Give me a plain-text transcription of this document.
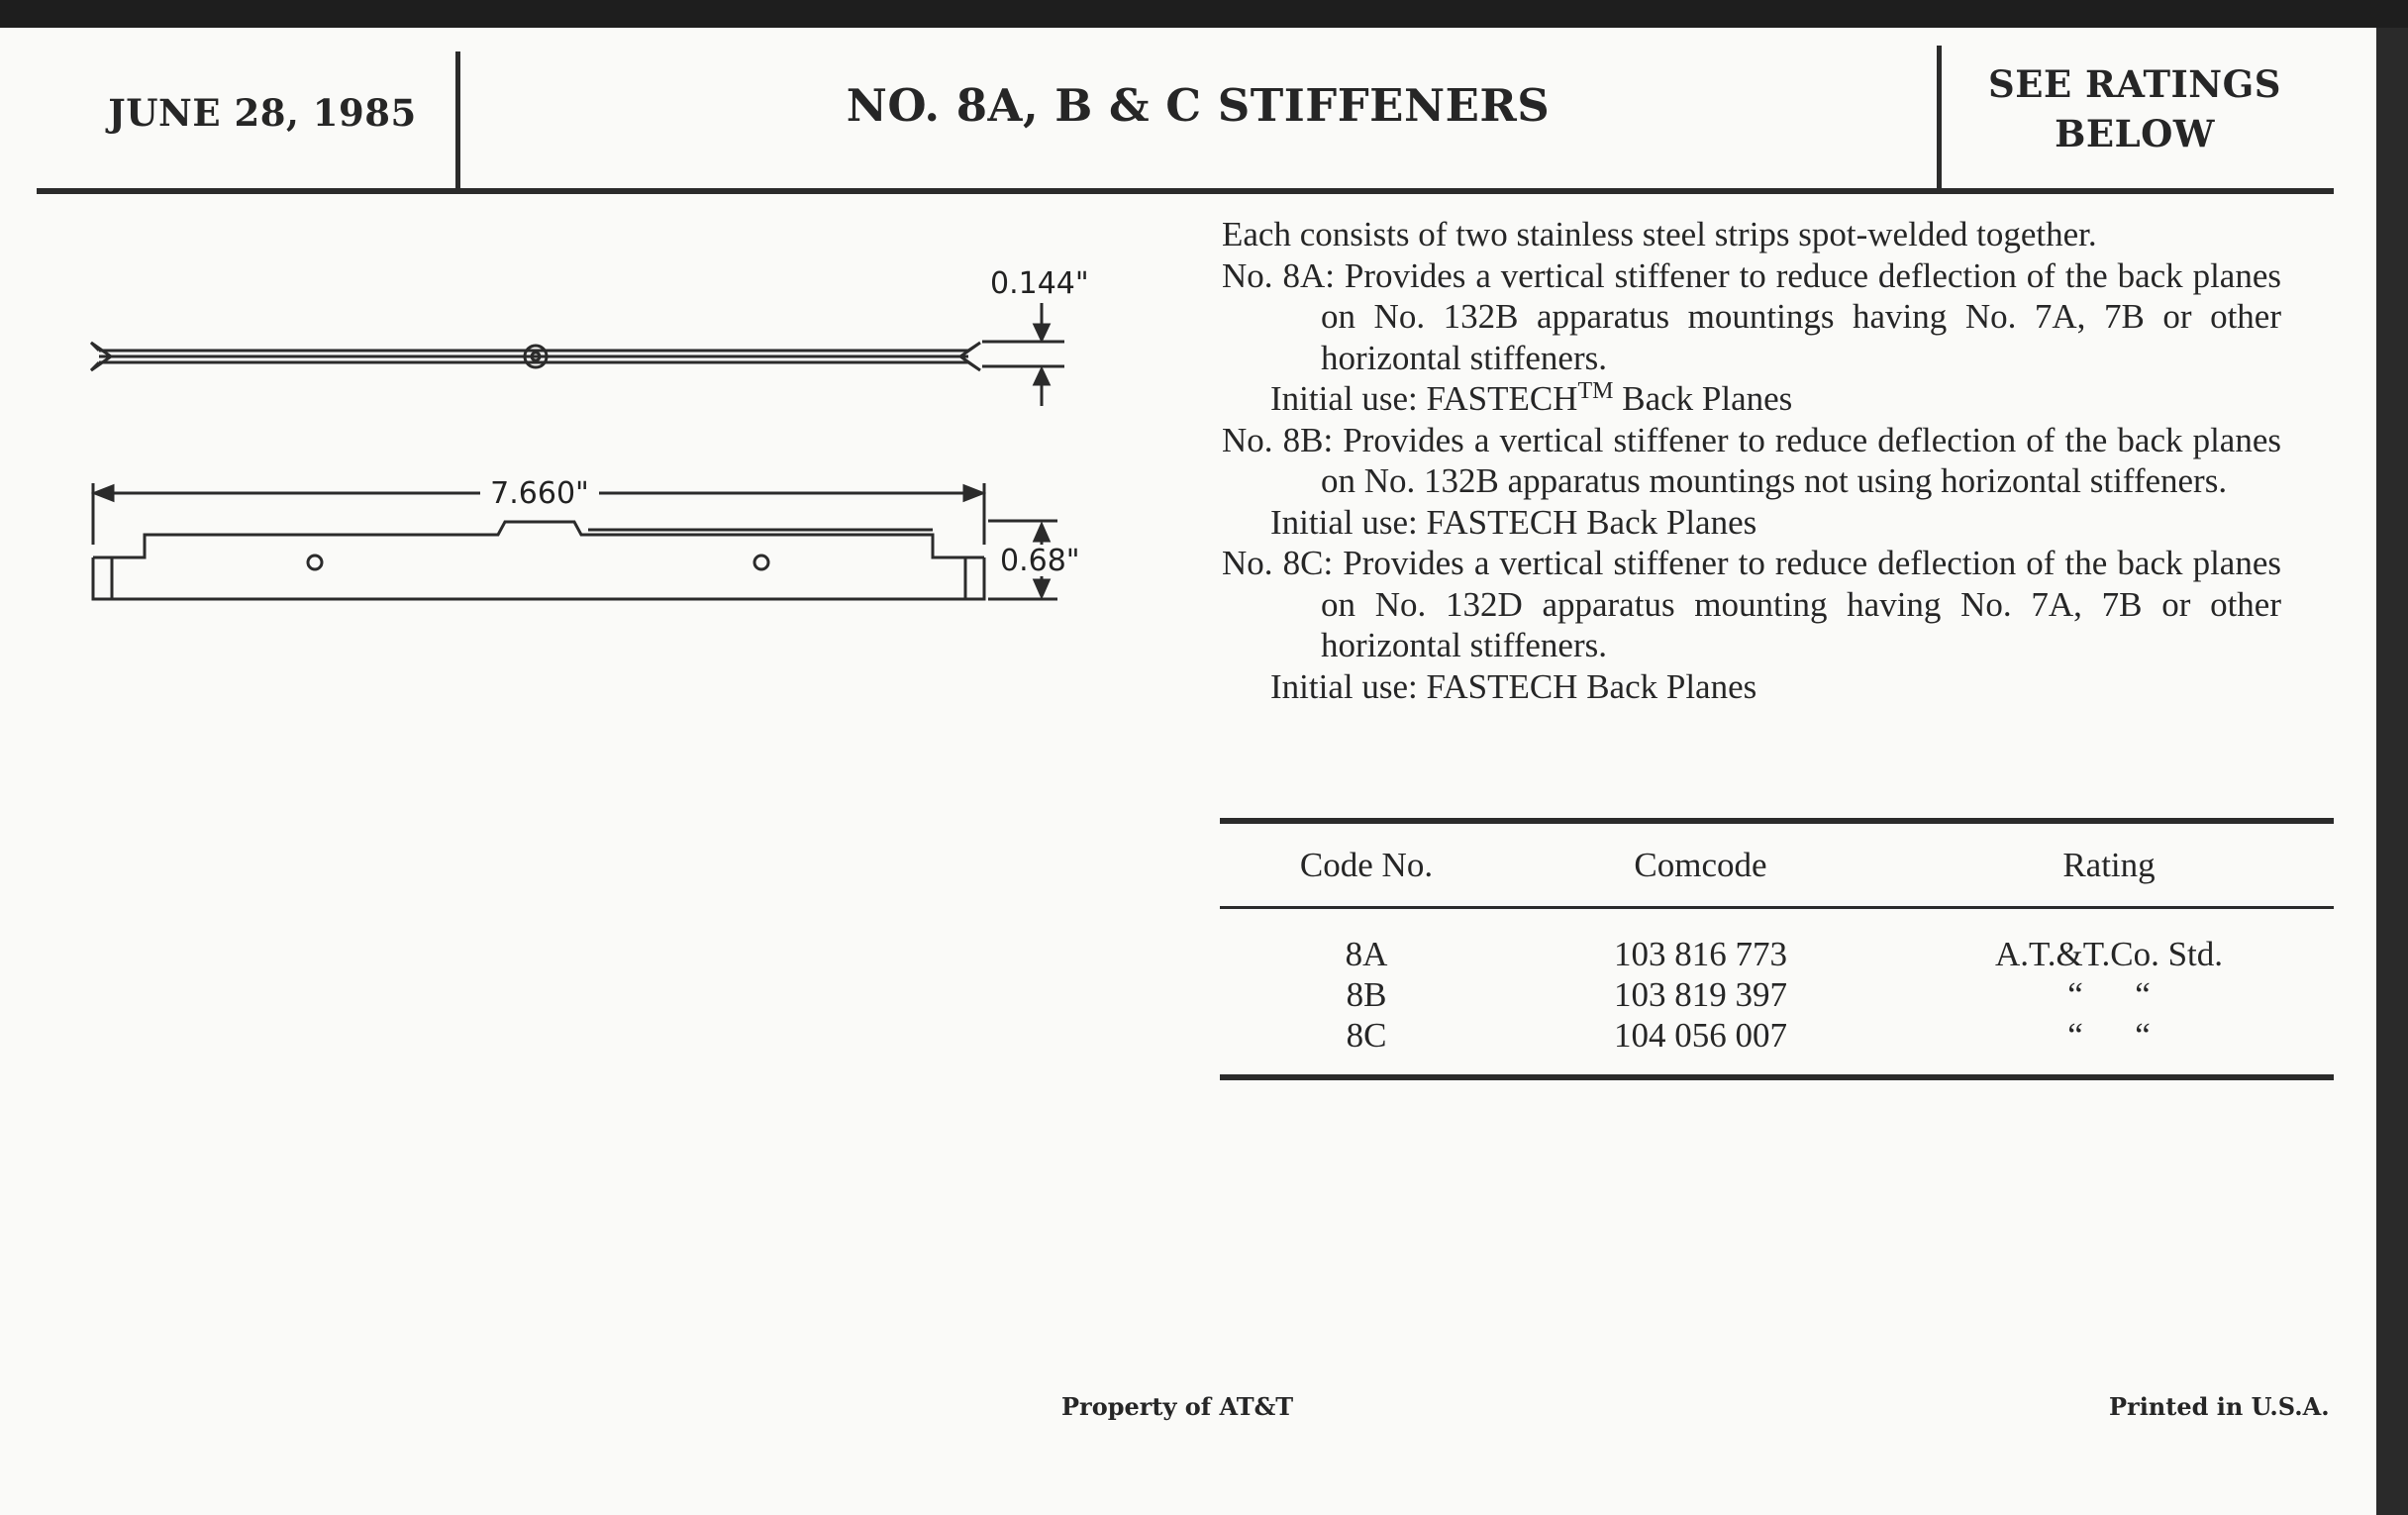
JUNE 28, 1985	NO. 8A, B & C STIFFENERS	SEE RATINGS
BELOW
0.144"
7.660"
0.68"

Each consists of two stainless steel strips spot-welded together.

No. 8A: Provides a vertical stiffener to reduce deflection of the back planes on No. 132B apparatus mountings having No. 7A, 7B or other horizontal stiffeners.

Initial use: FASTECH™ Back Planes

No. 8B: Provides a vertical stiffener to reduce deflection of the back planes on No. 132B apparatus mountings not using horizontal stiffeners.

Initial use: FASTECH Back Planes

No. 8C: Provides a vertical stiffener to reduce deflection of the back planes on No. 132D apparatus mounting having No. 7A, 7B or other horizontal stiffeners.

Initial use: FASTECH Back Planes

Code No.	Comcode	Rating
8A	103 816 773	A.T.&T.Co. Std.
8B	103 819 397	“      “
8C	104 056 007	“      “
Property of AT&T	Printed in U.S.A.
